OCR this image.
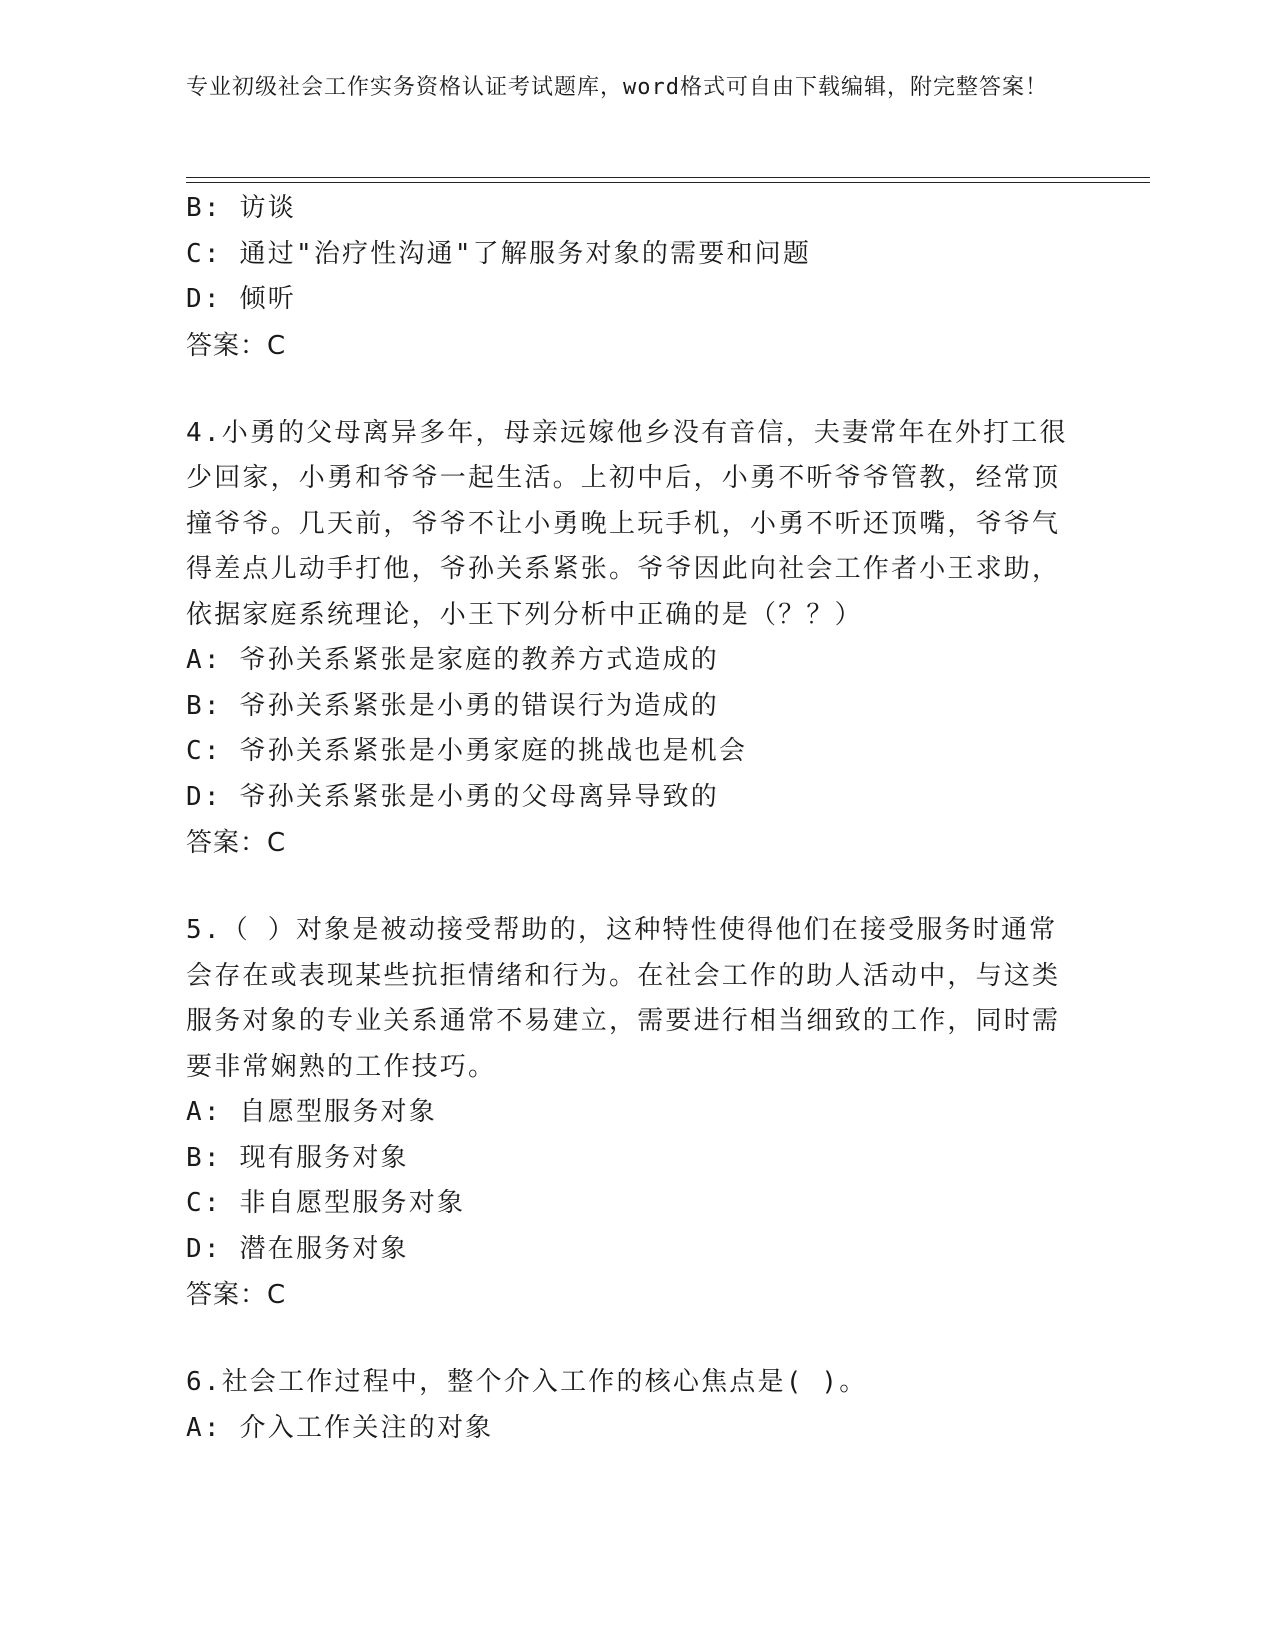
专业初级社会工作实务资格认证考试题库，word格式可自由下载编辑，附完整答案！
B: 访谈
C: 通过"治疗性沟通"了解服务对象的需要和问题
D: 倾听
答案：C
4.小勇的父母离异多年，母亲远嫁他乡没有音信，夫妻常年在外打工很少回家，小勇和爷爷一起生活。上初中后，小勇不听爷爷管教，经常顶撞爷爷。几天前，爷爷不让小勇晚上玩手机，小勇不听还顶嘴，爷爷气得差点儿动手打他，爷孙关系紧张。爷爷因此向社会工作者小王求助，依据家庭系统理论，小王下列分析中正确的是（？？）
A: 爷孙关系紧张是家庭的教养方式造成的
B: 爷孙关系紧张是小勇的错误行为造成的
C: 爷孙关系紧张是小勇家庭的挑战也是机会
D: 爷孙关系紧张是小勇的父母离异导致的
答案：C
5.（ ）对象是被动接受帮助的，这种特性使得他们在接受服务时通常会存在或表现某些抗拒情绪和行为。在社会工作的助人活动中，与这类服务对象的专业关系通常不易建立，需要进行相当细致的工作，同时需要非常娴熟的工作技巧。
A: 自愿型服务对象
B: 现有服务对象
C: 非自愿型服务对象
D: 潜在服务对象
答案：C
6.社会工作过程中，整个介入工作的核心焦点是( )。
A: 介入工作关注的对象
